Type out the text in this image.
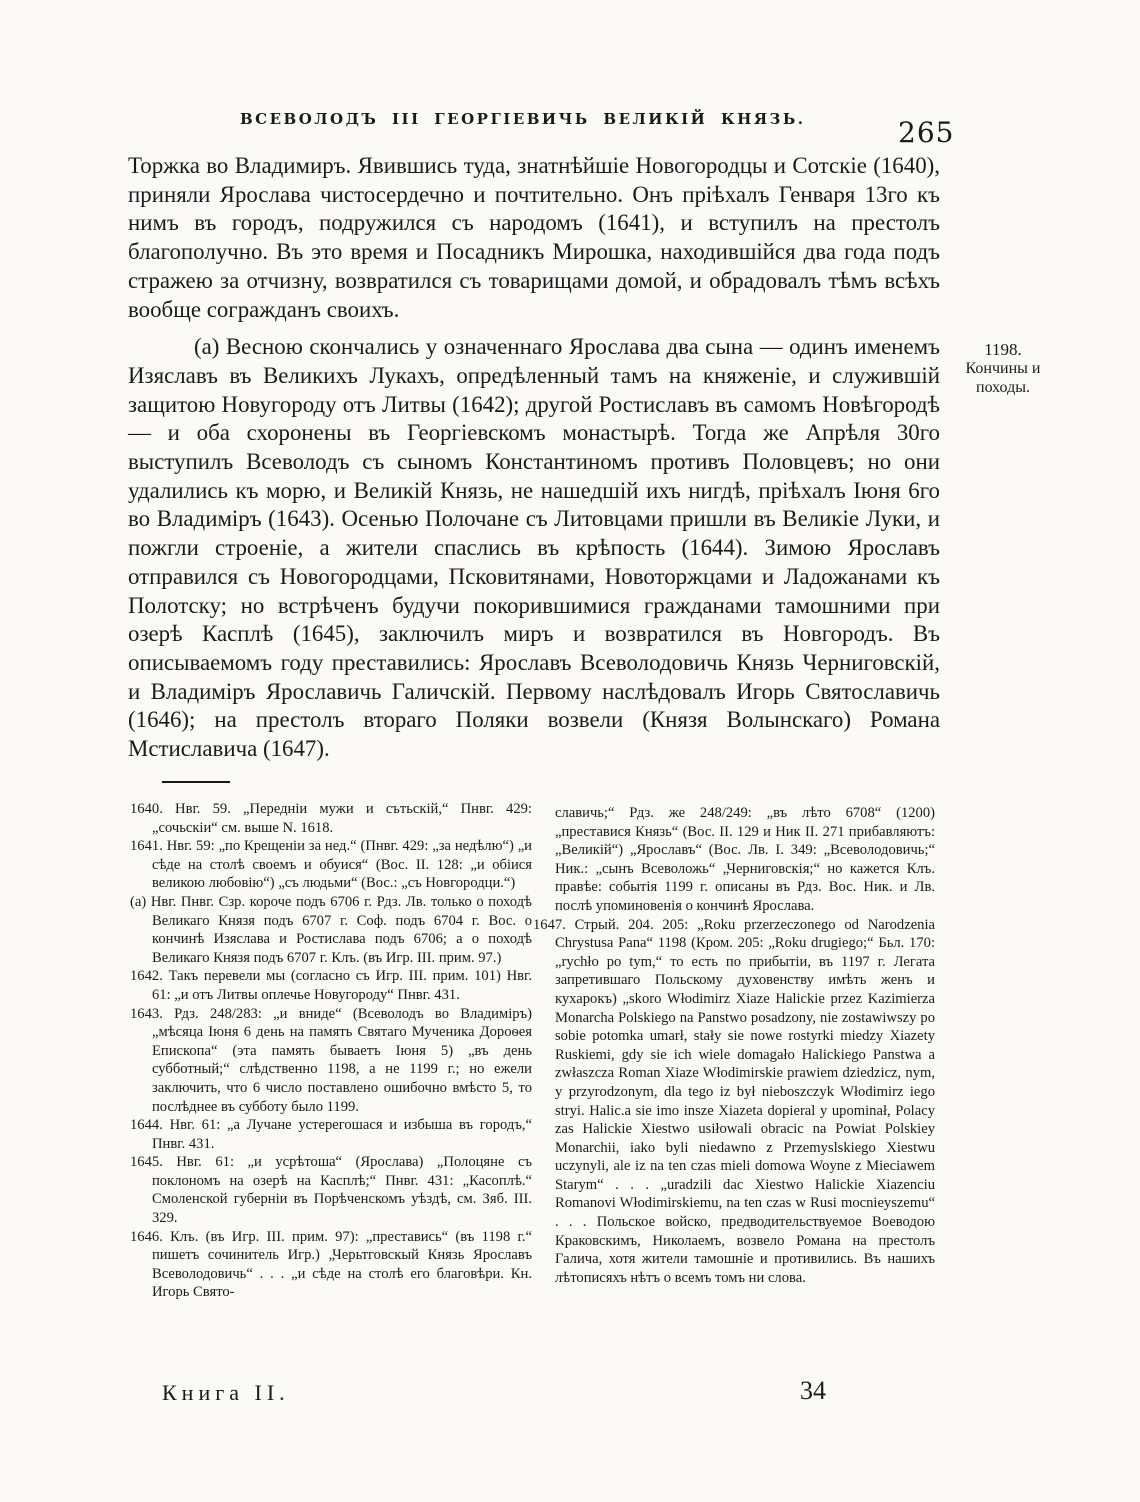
ВСЕВОЛОДЪ III ГЕОРГІЕВИЧЬ ВЕЛИКІЙ КНЯЗЬ.	265

Торжка во Владимиръ. Явившись туда, знатнѣйшіе Новогородцы и Сотскіе (1640), приняли Ярослава чистосердечно и почтительно. Онъ пріѣхалъ Генваря 13го къ нимъ въ городъ, подружился съ народомъ (1641), и вступилъ на престолъ благополучно. Въ это время и Посадникъ Мирошка, находившійся два года подъ стражею за отчизну, возвратился съ товарищами домой, и обрадовалъ тѣмъ всѣхъ вообще согражданъ своихъ.

(а) Весною скончались у означеннаго Ярослава два сына — одинъ именемъ Изяславъ въ Великихъ Лукахъ, опредѣленный тамъ на княженіе, и служившій защитою Новугороду отъ Литвы (1642); другой Ростиславъ въ самомъ Новѣгородѣ — и оба схоронены въ Георгіевскомъ монастырѣ. Тогда же Апрѣля 30го выступилъ Всеволодъ съ сыномъ Константиномъ противъ Половцевъ; но они удалились къ морю, и Великій Князь, не нашедшій ихъ нигдѣ, пріѣхалъ Іюня 6го во Владиміръ (1643). Осенью Полочане съ Литовцами пришли въ Великіе Луки, и пожгли строеніе, а жители спаслись въ крѣпость (1644). Зимою Ярославъ отправился съ Новогородцами, Псковитянами, Новоторжцами и Ладожанами къ Полотску; но встрѣченъ будучи покорившимися гражданами тамошними при озерѣ Касплѣ (1645), заключилъ миръ и возвратился въ Новгородъ. Въ описываемомъ году преставились: Ярославъ Всеволодовичь Князь Черниговскій, и Владиміръ Ярославичь Галичскій. Первому наслѣдовалъ Игорь Святославичь (1646); на престолъ втораго Поляки возвели (Князя Волынскаго) Романа Мстиславича (1647).

1198.
Кончины и походы.

1640. Нвг. 59. „Передніи мужи и сътьскій,“ Пнвг. 429: „сочьскіи“ см. выше N. 1618.

1641. Нвг. 59: „по Крещеніи за нед.“ (Пнвг. 429: „за недѣлю“) „и сѣде на столѣ своемъ и обуися“ (Вос. II. 128: „и обіися великою любовію“) „съ людьми“ (Вос.: „съ Новгородци.“)

(а) Нвг. Пнвг. Сзр. короче подъ 6706 г. Рдз. Лв. только о походѣ Великаго Князя подъ 6707 г. Соф. подъ 6704 г. Вос. о кончинѣ Изяслава и Ростислава подъ 6706; а о походѣ Великаго Князя подъ 6707 г. Клъ. (въ Игр. III. прим. 97.)

1642. Такъ перевели мы (согласно съ Игр. III. прим. 101) Нвг. 61: „и отъ Литвы оплечье Новугороду“ Пнвг. 431.

1643. Рдз. 248/283: „и вниде“ (Всеволодъ во Владиміръ) „мѣсяца Іюня 6 день на память Святаго Мученика Дороѳея Епископа“ (эта память бываетъ Іюня 5) „въ день субботный;“ слѣдственно 1198, а не 1199 г.; но ежели заключить, что 6 число поставлено ошибочно вмѣсто 5, то послѣднее въ субботу было 1199.

1644. Нвг. 61: „а Лучане устерегошася и избыша въ городъ,“ Пнвг. 431.

1645. Нвг. 61: „и усрѣтоша“ (Ярослава) „Полоцяне съ поклономъ на озерѣ на Касплѣ;“ Пнвг. 431: „Касоплѣ.“ Смоленской губерніи въ Порѣченскомъ уѣздѣ, см. Зяб. III. 329.

1646. Клъ. (въ Игр. III. прим. 97): „преставись“ (въ 1198 г.“ пишетъ сочинитель Игр.) „Черьтговскый Князь Ярославъ Всеволодовичь“ . . . „и сѣде на столѣ его благовѣри. Кн. Игорь Свято-

славичь;“ Рдз. же 248/249: „въ лѣто 6708“ (1200) „преставися Князь“ (Вос. II. 129 и Ник II. 271 прибавляютъ: „Великій“) „Ярославъ“ (Вос. Лв. I. 349: „Всеволодовичь;“ Ник.: „сынъ Всеволожь“ „Черниговскія;“ но кажется Клъ. правѣе: событія 1199 г. описаны въ Рдз. Вос. Ник. и Лв. послѣ упоминовенія о кончинѣ Ярослава.

1647. Стрый. 204. 205: „Roku przerzeczonego od Narodzenia Chrystusa Pana“ 1198 (Кром. 205: „Roku drugiego;“ Бьл. 170: „rychło po tym,“ то есть по прибытіи, въ 1197 г. Легата запретившаго Польскому духовенству имѣть женъ и кухарокъ) „skoro Włodimirz Xiaze Halickie przez Kazimierza Monarcha Polskiego na Panstwo posadzony, nie zostawiwszy po sobie potomka umarł, stały sie nowe rostyrki miedzy Xiazety Ruskiemi, gdy sie ich wiele domagało Halickiego Panstwa a zwłaszcza Roman Xiaze Włodimirskie prawiem dziedzicz, nym, y przyrodzonym, dla tego iz był nieboszczyk Włodimirz iego stryi. Halic.a sie imo insze Xiazeta dopieral y upominał, Polacy zas Halickie Xiestwo usiłowali obracic na Powiat Polskiey Monarchii, iako byli niedawno z Przemyslskiego Xiestwu uczynyli, ale iz na ten czas mieli domowa Woyne z Mieciawem Starym“ . . . „uradzili dac Xiestwo Halickie Xiazenciu Romanovi Włodimirskiemu, na ten czas w Rusi mocnieyszemu“ . . . Польское войско, предводительствуемое Воеводою Краковскимъ, Николаемъ, возвело Романа на престолъ Галича, хотя жители тамошніе и противились. Въ нашихъ лѣтописяхъ нѣтъ о всемъ томъ ни слова.

Книга II.	34
